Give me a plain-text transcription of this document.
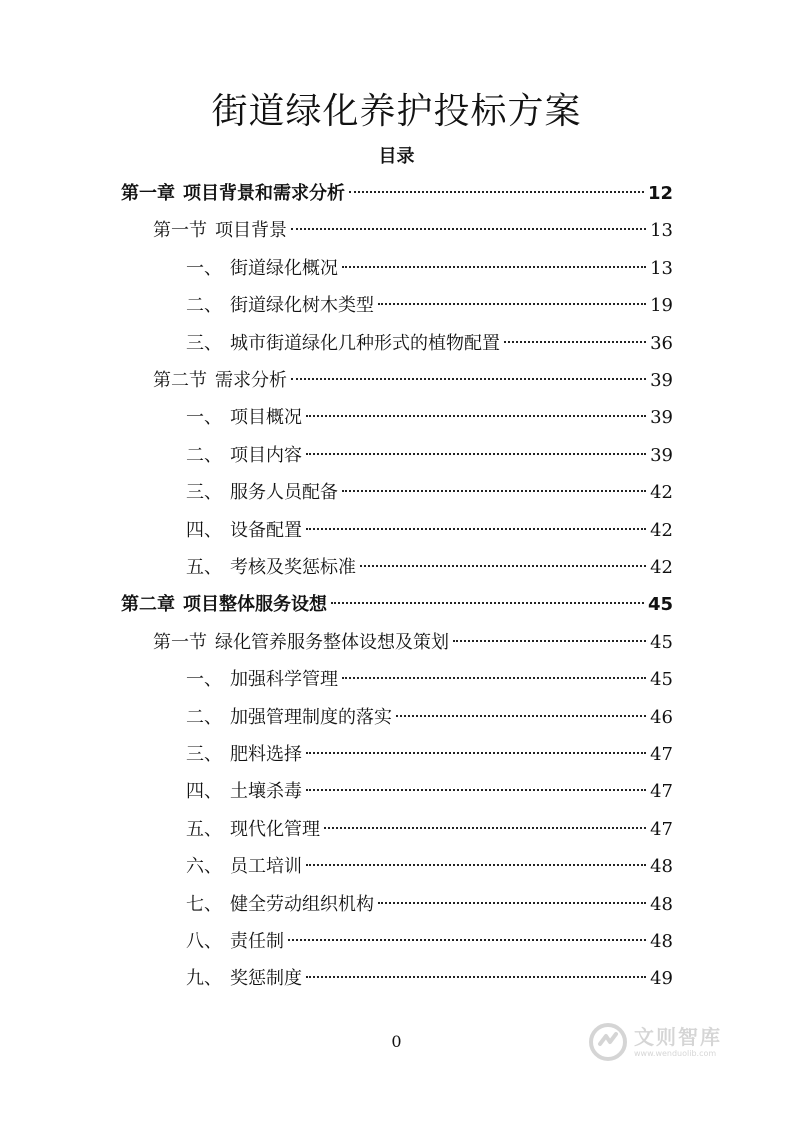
街道绿化养护投标方案
目录
第一章 项目背景和需求分析	12
第一节 项目背景	13
一、 街道绿化概况	13
二、 街道绿化树木类型	19
三、 城市街道绿化几种形式的植物配置	36
第二节 需求分析	39
一、 项目概况	39
二、 项目内容	39
三、 服务人员配备	42
四、 设备配置	42
五、 考核及奖惩标准	42
第二章 项目整体服务设想	45
第一节 绿化管养服务整体设想及策划	45
一、 加强科学管理	45
二、 加强管理制度的落实	46
三、 肥料选择	47
四、 土壤杀毒	47
五、 现代化管理	47
六、 员工培训	48
七、 健全劳动组织机构	48
八、 责任制	48
九、 奖惩制度	49
0	文则智库
www.wenduolib.com
